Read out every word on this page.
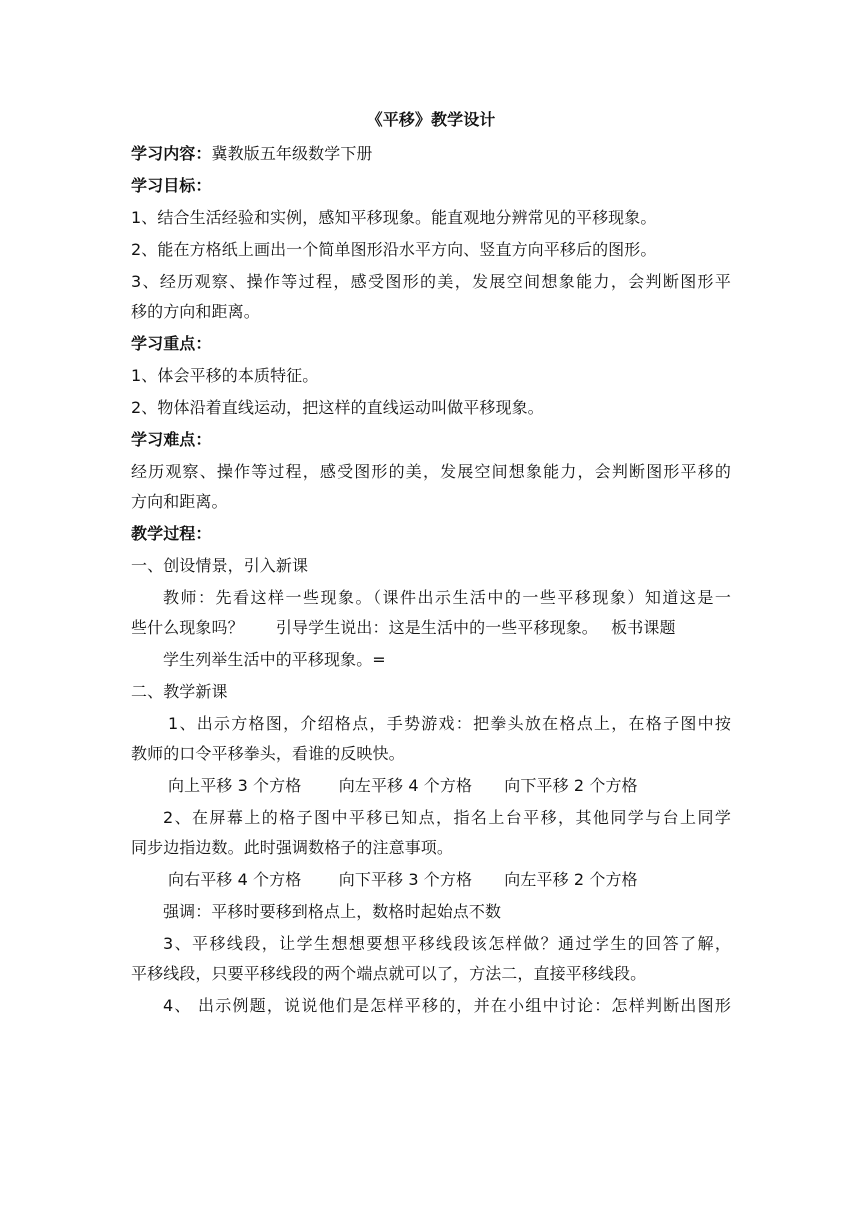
《平移》教学设计
学习内容：冀教版五年级数学下册
学习目标：
1、结合生活经验和实例，感知平移现象。能直观地分辨常见的平移现象。
2、能在方格纸上画出一个简单图形沿水平方向、竖直方向平移后的图形。
3、经历观察、操作等过程，感受图形的美，发展空间想象能力，会判断图形平
移的方向和距离。
学习重点：
1、体会平移的本质特征。
2、物体沿着直线运动，把这样的直线运动叫做平移现象。
学习难点：
经历观察、操作等过程，感受图形的美，发展空间想象能力，会判断图形平移的
方向和距离。
教学过程：
一、创设情景，引入新课
教师：先看这样一些现象。（课件出示生活中的一些平移现象）知道这是一
些什么现象吗？　　引导学生说出：这是生活中的一些平移现象。　 板书课题
学生列举生活中的平移现象。=
二、教学新课
1、出示方格图，介绍格点，手势游戏：把拳头放在格点上，在格子图中按
教师的口令平移拳头，看谁的反映快。
向上平移 3 个方格　　 向左平移 4 个方格　　向下平移 2 个方格
2、在屏幕上的格子图中平移已知点，指名上台平移，其他同学与台上同学
同步边指边数。此时强调数格子的注意事项。
向右平移 4 个方格　　 向下平移 3 个方格　　向左平移 2 个方格
强调：平移时要移到格点上，数格时起始点不数
3、平移线段，让学生想想要想平移线段该怎样做？通过学生的回答了解，
平移线段，只要平移线段的两个端点就可以了，方法二，直接平移线段。
4、 出示例题，说说他们是怎样平移的，并在小组中讨论：怎样判断出图形
